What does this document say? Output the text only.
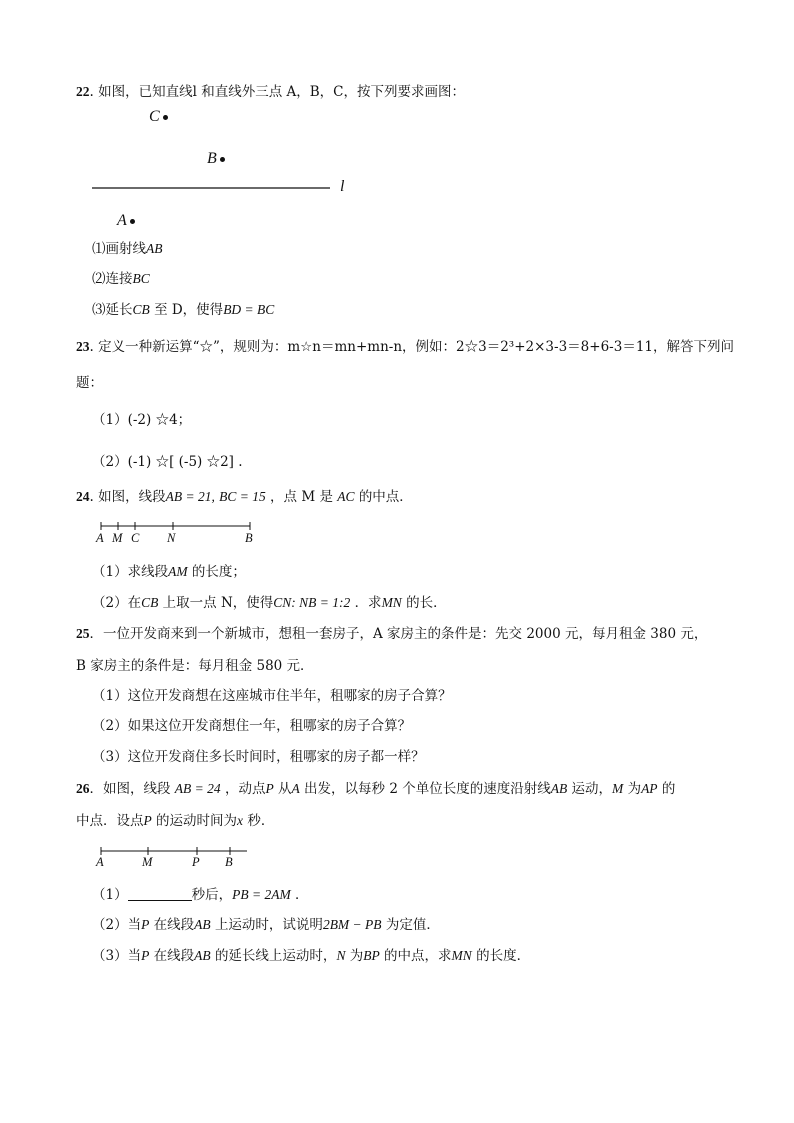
22. 如图，已知直线l 和直线外三点 A，B，C，按下列要求画图：
C
B
l
A
⑴画射线AB
⑵连接BC
⑶延长CB 至 D，使得BD = BC
23. 定义一种新运算“☆”，规则为：m☆n＝mn+mn-n，例如：2☆3＝2³+2×3-3＝8+6-3＝11，解答下列问
题：
（1）(-2) ☆4；
（2）(-1) ☆[ (-5) ☆2] .
24. 如图，线段AB = 21, BC = 15 ，点 M 是 AC 的中点．
A M C N	B
（1）求线段AM 的长度；
（2）在CB 上取一点 N，使得CN: NB = 1:2 ．求MN 的长．
25．一位开发商来到一个新城市，想租一套房子，A 家房主的条件是：先交 2000 元，每月租金 380 元，
B 家房主的条件是：每月租金 580 元．
（1）这位开发商想在这座城市住半年，租哪家的房子合算？
（2）如果这位开发商想住一年，租哪家的房子合算？
（3）这位开发商住多长时间时，租哪家的房子都一样？
26．如图，线段 AB = 24 ，动点P 从A 出发，以每秒 2 个单位长度的速度沿射线AB 运动，M 为AP 的
中点．设点P 的运动时间为x 秒．
A	M	P B
（1）	秒后，PB = 2AM ．
（2）当P 在线段AB 上运动时，试说明2BM − PB 为定值．
（3）当P 在线段AB 的延长线上运动时，N 为BP 的中点，求MN 的长度．
